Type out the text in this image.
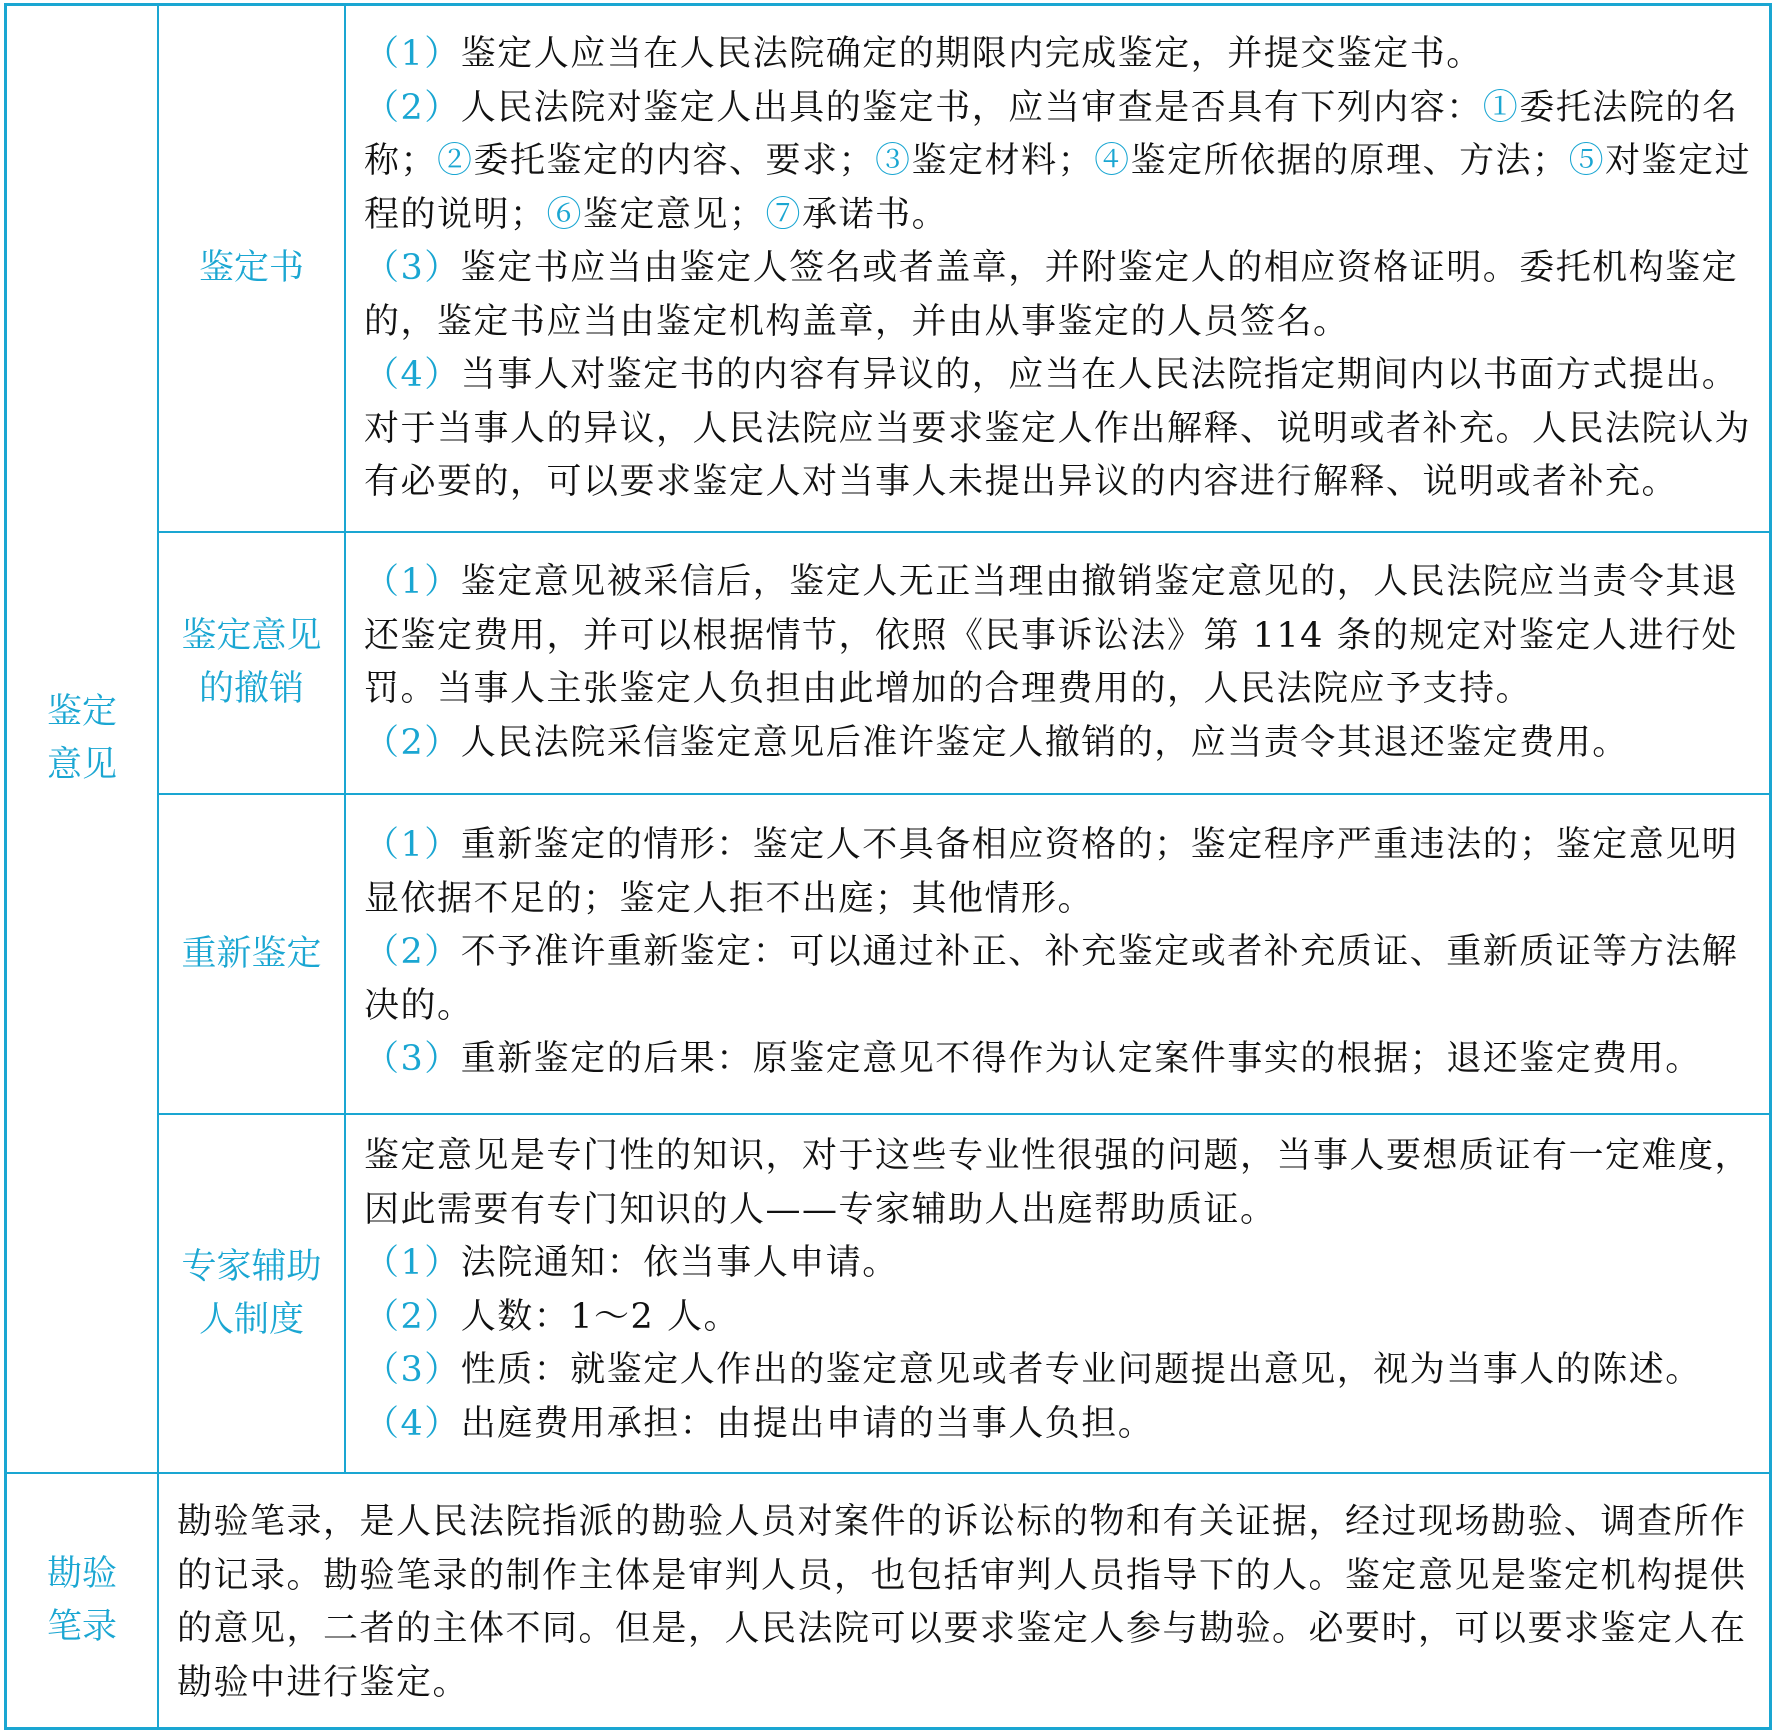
鉴定
意见
鉴定书

（1）鉴定人应当在人民法院确定的期限内完成鉴定，并提交鉴定书。

（2）人民法院对鉴定人出具的鉴定书，应当审查是否具有下列内容：①委托法院的名称；②委托鉴定的内容、要求；③鉴定材料；④鉴定所依据的原理、方法；⑤对鉴定过程的说明；⑥鉴定意见；⑦承诺书。

（3）鉴定书应当由鉴定人签名或者盖章，并附鉴定人的相应资格证明。委托机构鉴定的，鉴定书应当由鉴定机构盖章，并由从事鉴定的人员签名。

（4）当事人对鉴定书的内容有异议的，应当在人民法院指定期间内以书面方式提出。对于当事人的异议，人民法院应当要求鉴定人作出解释、说明或者补充。人民法院认为有必要的，可以要求鉴定人对当事人未提出异议的内容进行解释、说明或者补充。

鉴定意见
的撤销

（1）鉴定意见被采信后，鉴定人无正当理由撤销鉴定意见的，人民法院应当责令其退还鉴定费用，并可以根据情节，依照《民事诉讼法》第 114 条的规定对鉴定人进行处罚。当事人主张鉴定人负担由此增加的合理费用的，人民法院应予支持。

（2）人民法院采信鉴定意见后准许鉴定人撤销的，应当责令其退还鉴定费用。

重新鉴定

（1）重新鉴定的情形：鉴定人不具备相应资格的；鉴定程序严重违法的；鉴定意见明显依据不足的；鉴定人拒不出庭；其他情形。

（2）不予准许重新鉴定：可以通过补正、补充鉴定或者补充质证、重新质证等方法解决的。

（3）重新鉴定的后果：原鉴定意见不得作为认定案件事实的根据；退还鉴定费用。

专家辅助
人制度

鉴定意见是专门性的知识，对于这些专业性很强的问题，当事人要想质证有一定难度，因此需要有专门知识的人——专家辅助人出庭帮助质证。

（1）法院通知：依当事人申请。

（2）人数：1～2 人。

（3）性质：就鉴定人作出的鉴定意见或者专业问题提出意见，视为当事人的陈述。

（4）出庭费用承担：由提出申请的当事人负担。

勘验
笔录

勘验笔录，是人民法院指派的勘验人员对案件的诉讼标的物和有关证据，经过现场勘验、调查所作的记录。勘验笔录的制作主体是审判人员，也包括审判人员指导下的人。鉴定意见是鉴定机构提供的意见，二者的主体不同。但是，人民法院可以要求鉴定人参与勘验。必要时，可以要求鉴定人在勘验中进行鉴定。
